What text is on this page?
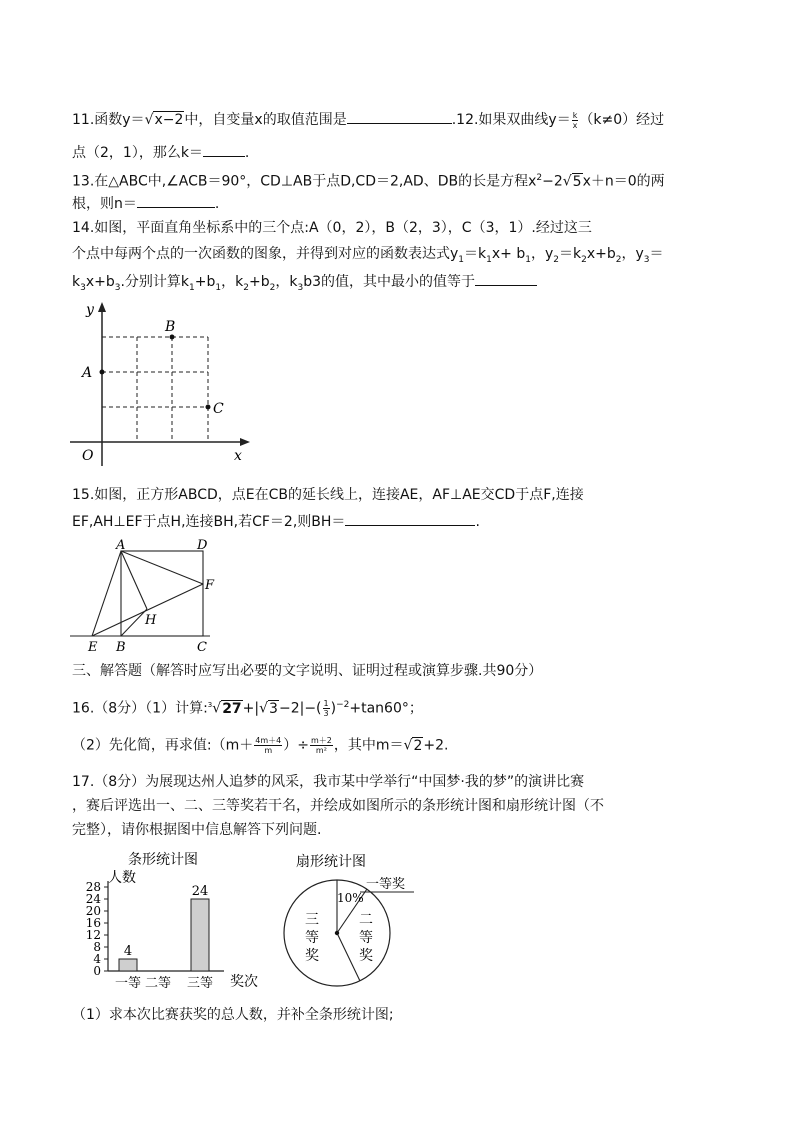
11.函数y＝√x−2中，自变量x的取值范围是	.12.如果双曲线$y= \frac{k}{x} (k\ne 0)$经过
点（2，1），那么k＝	.
13.在△ABC中,∠ACB＝90°，CD⊥AB于点D,CD＝2,AD、DB的长是方程$x^2-2√5x+n=0$的两
根，则n＝	.
14.如图，平面直角坐标系中的三个点:A（0，2），B（2，3），C（3，1）.经过这三
个点中每两个点的一次函数的图象，并得到对应的函数表达式$y_1=k_1x+ b_1$，$y_2=k_2x+b_2$，$y_3=$
$k_3x+b_3$.分别计算$k_1+b_1$，$k_2+b_2$，$k_3b3$的值，其中最小的值等于
y
x
O
A
B
C
15.如图，正方形ABCD，点E在CB的延长线上，连接AE，AF⊥AE交CD于点F,连接
EF,AH⊥EF于点H,连接BH,若CF＝2,则BH＝	.
A	D
F
H
E B	C
三、解答题（解答时应写出必要的文字说明、证明过程或演算步骤.共90分）
16.（8分）（1）计算:$^3$√27+|√3−2|−( $\frac{1}{3} )^{-2}+\tan 60^\circ$；
（2）先化简，再求值:（m＋ $\frac{4m+4}{m}$ ）÷ $\frac{m+2}{\text{m²}}$ ，其中m＝√2+2.
17.（8分）为展现达州人追梦的风采，我市某中学举行“中国梦·我的梦”的演讲比赛
，赛后评选出一、二、三等奖若干名，并绘成如图所示的条形统计图和扇形统计图（不
完整），请你根据图中信息解答下列问题.
条形统计图
人数
奖次
0
4
8
12
16
20
24
28
一等
4
二等 三等
24
扇形统计图
一等奖
10%
二
等
奖
三
等
奖
（1）求本次比赛获奖的总人数，并补全条形统计图;
